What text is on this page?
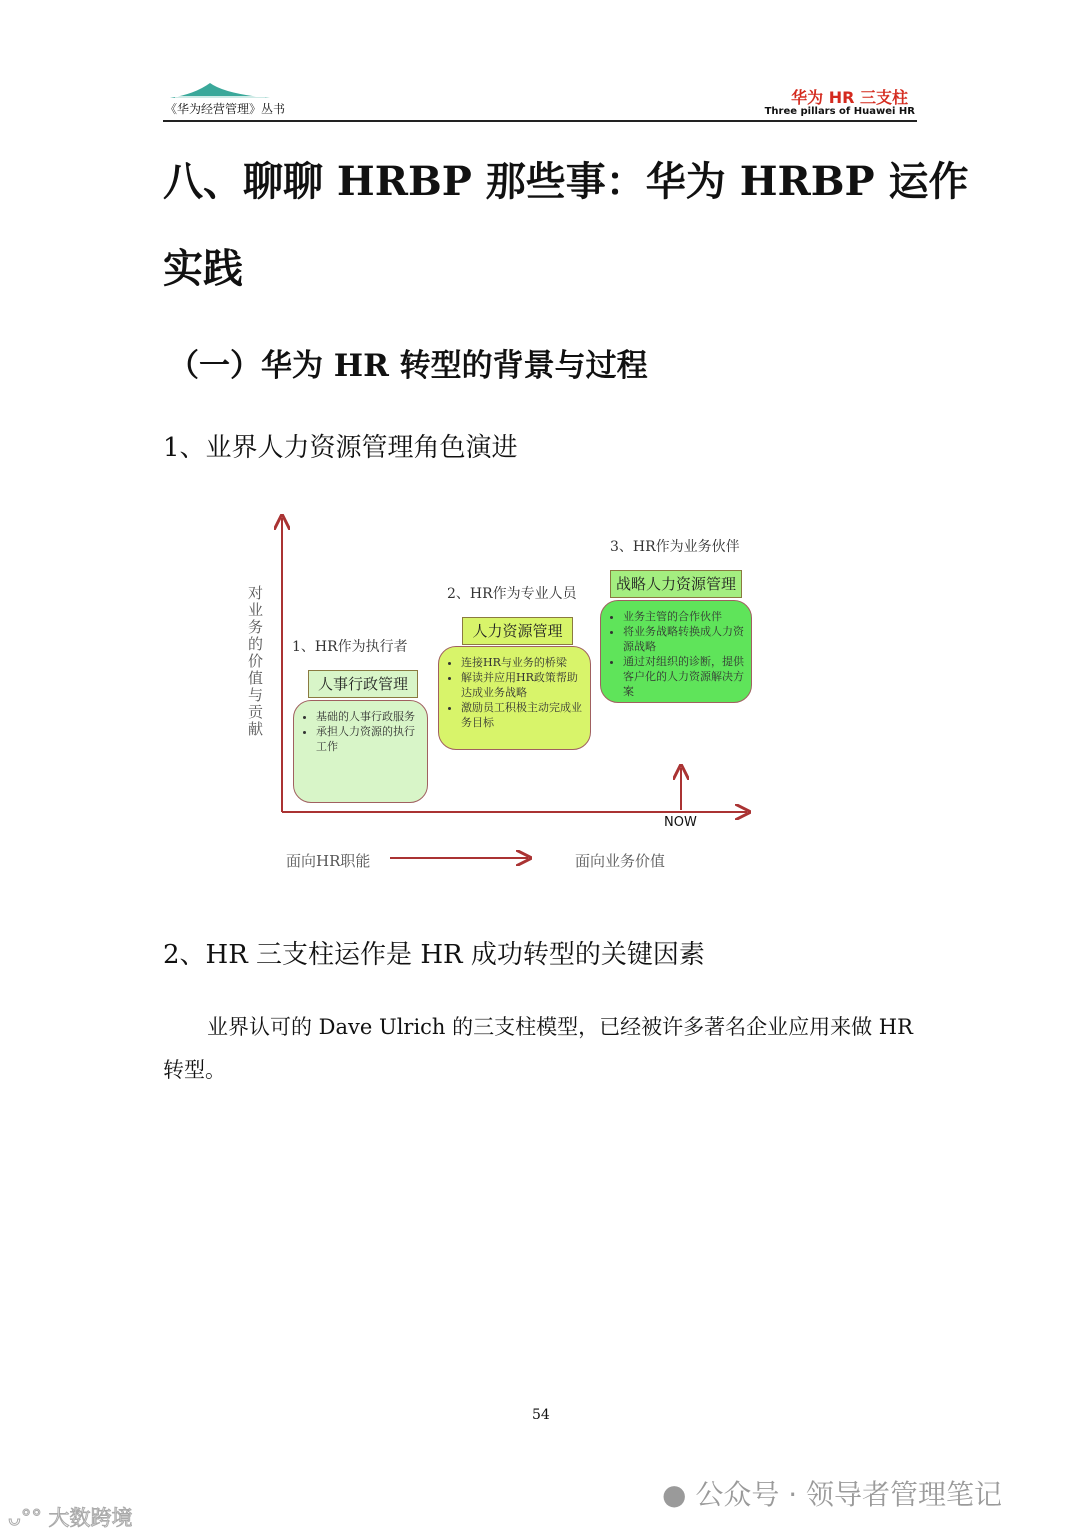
《华为经营管理》丛书
华为 HR 三支柱
Three pillars of Huawei HR
八、聊聊 HRBP 那些事：华为 HRBP 运作
实践
（一）华为 HR 转型的背景与过程
1、业界人力资源管理角色演进
对业务的价值与贡献
1、HR作为执行者
人事行政管理
• 基础的人事行政服务
• 承担人力资源的执行工作
2、HR作为专业人员
人力资源管理
• 连接HR与业务的桥梁
• 解读并应用HR政策帮助达成业务战略
• 激励员工积极主动完成业务目标
3、HR作为业务伙伴
战略人力资源管理
• 业务主管的合作伙伴
• 将业务战略转换成人力资源战略
• 通过对组织的诊断，提供客户化的人力资源解决方案
NOW
面向HR职能	面向业务价值
2、HR 三支柱运作是 HR 成功转型的关键因素
业界认可的 Dave Ulrich 的三支柱模型，已经被许多著名企业应用来做 HR
转型。
54
● 公众号 · 领导者管理笔记
ᴗ°° 大数跨境
